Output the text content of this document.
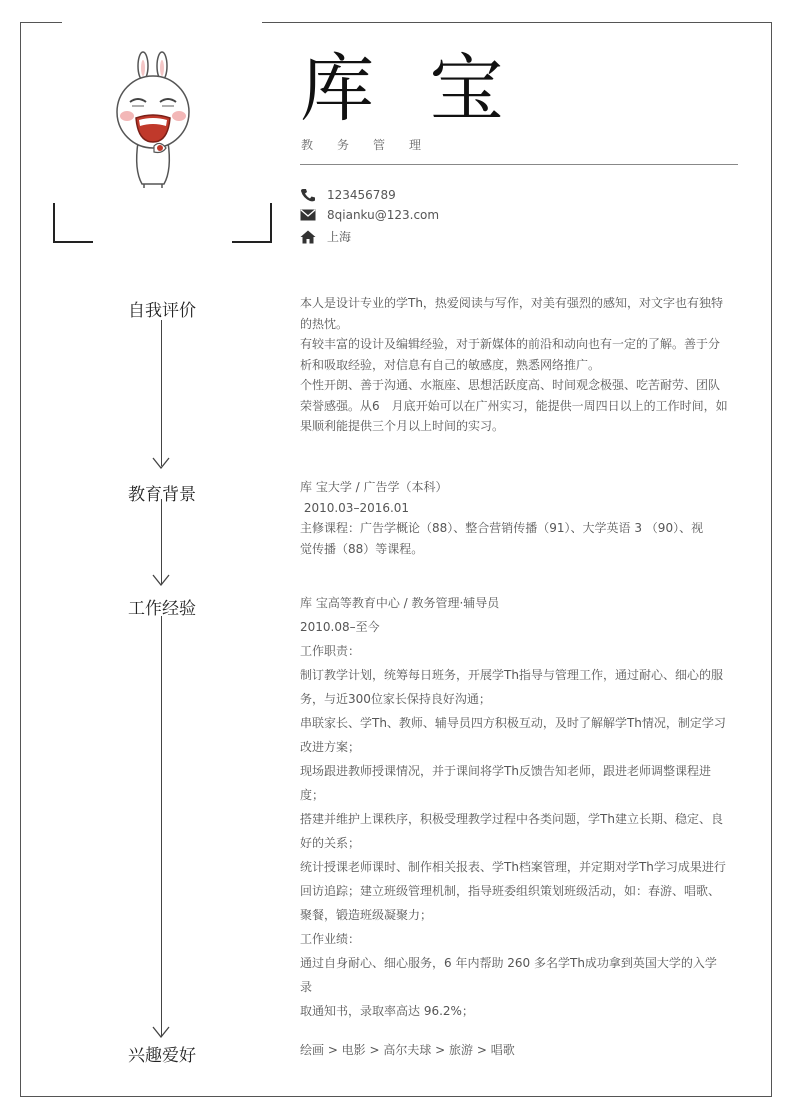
库 宝
教务管理
123456789
8qianku@123.com
上海
自我评价
教育背景
工作经验
兴趣爱好

本人是设计专业的学Th，热爱阅读与写作，对美有强烈的感知，对文字也有独特

的热忱。

有较丰富的设计及编辑经验，对于新媒体的前沿和动向也有一定的了解。善于分

析和吸取经验，对信息有自己的敏感度，熟悉网络推广。

个性开朗、善于沟通、水瓶座、思想活跃度高、时间观念极强、吃苦耐劳、团队

荣誉感强。从6　月底开始可以在广州实习，能提供一周四日以上的工作时间，如

果顺利能提供三个月以上时间的实习。

库 宝大学 / 广告学（本科）

2010.03–2016.01

主修课程：广告学概论（88）、整合营销传播（91）、大学英语 3 （90）、视

觉传播（88）等课程。

库 宝高等教育中心 / 教务管理·辅导员

2010.08–至今

工作职责：

制订教学计划，统筹每日班务，开展学Th指导与管理工作，通过耐心、细心的服

务，与近300位家长保持良好沟通；

串联家长、学Th、教师、辅导员四方积极互动，及时了解解学Th情况，制定学习

改进方案；

现场跟进教师授课情况，并于课间将学Th反馈告知老师，跟进老师调整课程进

度；

搭建并维护上课秩序，积极受理教学过程中各类问题，学Th建立长期、稳定、良

好的关系；

统计授课老师课时、制作相关报表、学Th档案管理，并定期对学Th学习成果进行

回访追踪；建立班级管理机制，指导班委组织策划班级活动，如：春游、唱歌、

聚餐，锻造班级凝聚力；

工作业绩：

通过自身耐心、细心服务，6 年内帮助 260 多名学Th成功拿到英国大学的入学录

取通知书，录取率高达 96.2%；

绘画 > 电影 > 高尔夫球 > 旅游 > 唱歌
